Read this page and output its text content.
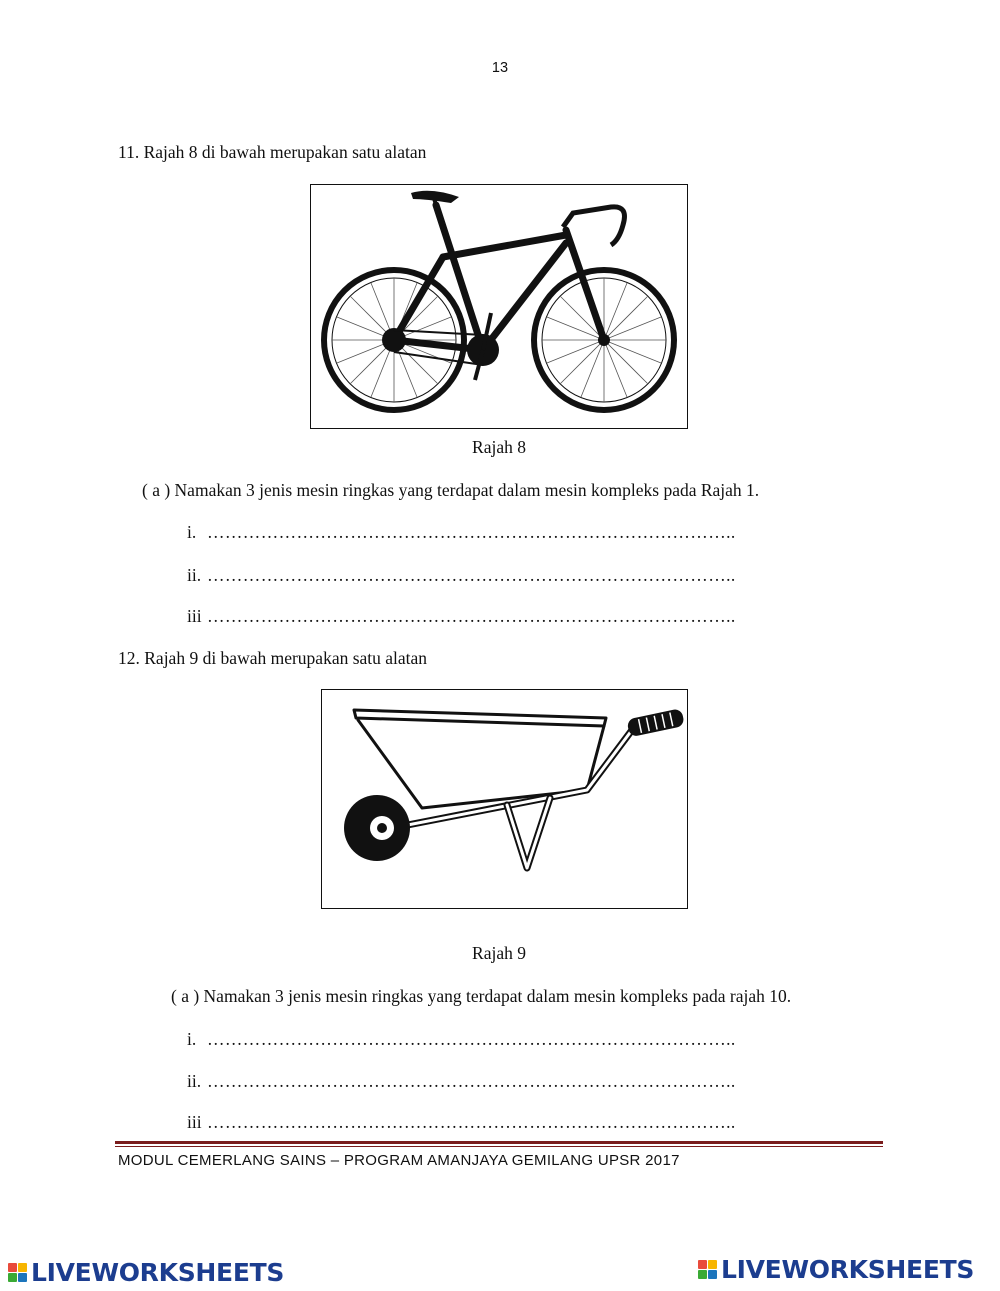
13
11. Rajah 8 di bawah merupakan satu alatan
Rajah 8
( a ) Namakan 3 jenis mesin ringkas yang terdapat dalam mesin kompleks pada Rajah 1.
i. ……………………………………………………………………………..
ii. ……………………………………………………………………………..
iii ……………………………………………………………………………..
12. Rajah 9 di bawah merupakan satu alatan
Rajah 9
( a ) Namakan 3 jenis mesin ringkas yang terdapat dalam mesin kompleks pada rajah 10.
i. ……………………………………………………………………………..
ii. ……………………………………………………………………………..
iii ……………………………………………………………………………..
MODUL CEMERLANG SAINS – PROGRAM AMANJAYA GEMILANG UPSR 2017
LIVEWORKSHEETS	LIVEWORKSHEETS
